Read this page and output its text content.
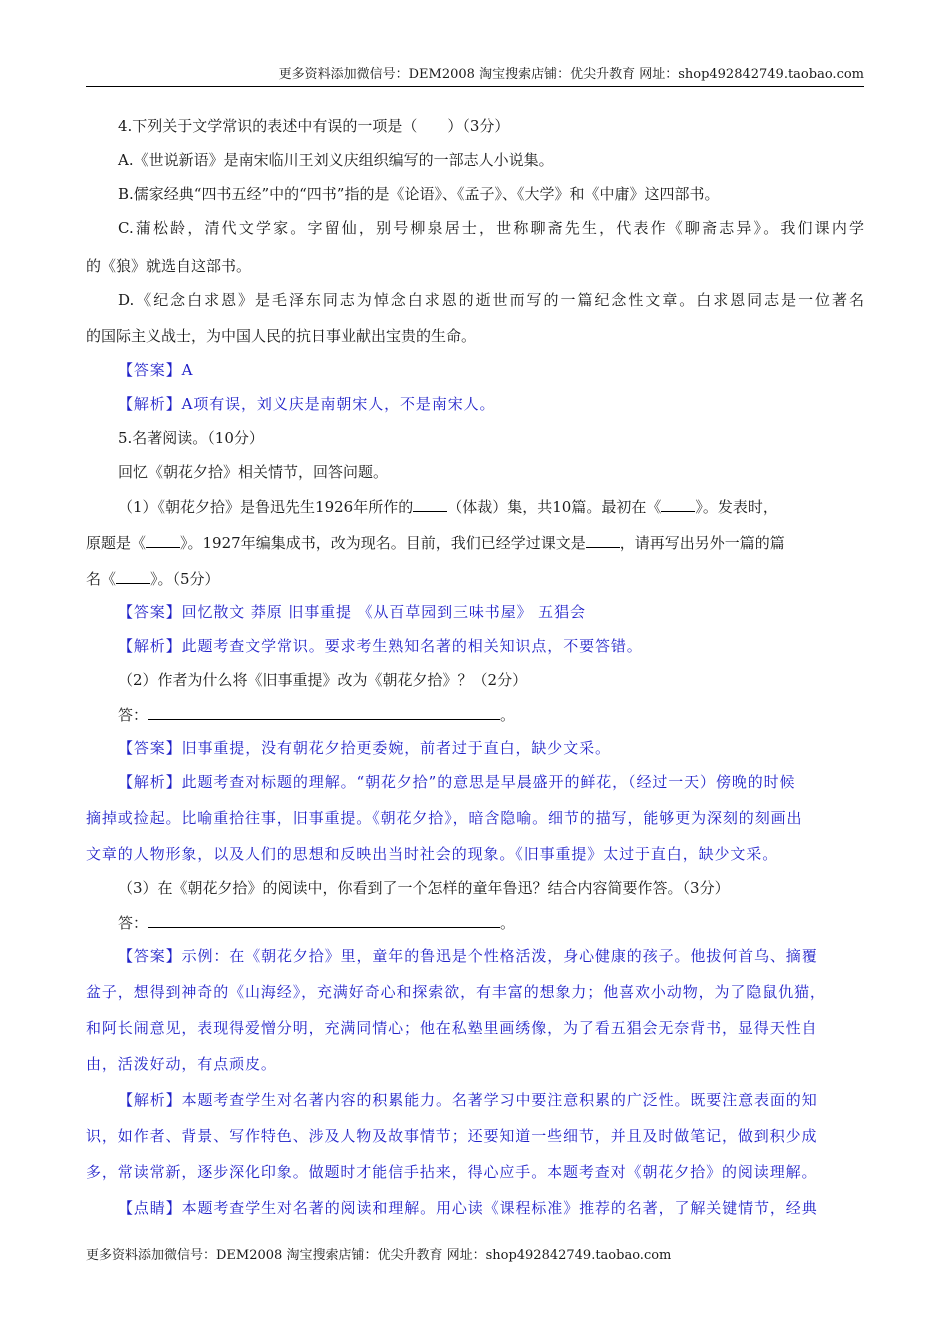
更多资料添加微信号：DEM2008 淘宝搜索店铺：优尖升教育 网址：shop492842749.taobao.com
4.下列关于文学常识的表述中有误的一项是（　　）（3分）
A.《世说新语》是南宋临川王刘义庆组织编写的一部志人小说集。
B.儒家经典“四书五经”中的“四书”指的是《论语》、《孟子》、《大学》和《中庸》这四部书。
C.蒲松龄，清代文学家。字留仙，别号柳泉居士，世称聊斋先生，代表作《聊斋志异》。我们课内学
的《狼》就选自这部书。
D.《纪念白求恩》是毛泽东同志为悼念白求恩的逝世而写的一篇纪念性文章。白求恩同志是一位著名
的国际主义战士，为中国人民的抗日事业献出宝贵的生命。
【答案】A
【解析】A项有误，刘义庆是南朝宋人，不是南宋人。
5.名著阅读。（10分）
回忆《朝花夕拾》相关情节，回答问题。
（1）《朝花夕拾》是鲁迅先生1926年所作的 （体裁）集，共10篇。最初在《 》。发表时，
原题是《 》。1927年编集成书，改为现名。目前，我们已经学过课文是 ，请再写出另外一篇的篇
名《 》。（5分）
【答案】回忆散文 莽原 旧事重提 《从百草园到三味书屋》 五猖会
【解析】此题考查文学常识。要求考生熟知名著的相关知识点，不要答错。
（2）作者为什么将《旧事重提》改为《朝花夕拾》？（2分）
答：	。
【答案】旧事重提，没有朝花夕拾更委婉，前者过于直白，缺少文采。
【解析】此题考查对标题的理解。“朝花夕拾”的意思是早晨盛开的鲜花，（经过一天）傍晚的时候
摘掉或捡起。比喻重拾往事，旧事重提。《朝花夕拾》，暗含隐喻。细节的描写，能够更为深刻的刻画出
文章的人物形象，以及人们的思想和反映出当时社会的现象。《旧事重提》太过于直白，缺少文采。
（3）在《朝花夕拾》的阅读中，你看到了一个怎样的童年鲁迅？结合内容简要作答。（3分）
答：	。
【答案】示例：在《朝花夕拾》里，童年的鲁迅是个性格活泼，身心健康的孩子。他拔何首乌、摘覆
盆子，想得到神奇的《山海经》，充满好奇心和探索欲，有丰富的想象力；他喜欢小动物，为了隐鼠仇猫，
和阿长闹意见，表现得爱憎分明，充满同情心；他在私塾里画绣像，为了看五猖会无奈背书，显得天性自
由，活泼好动，有点顽皮。
【解析】本题考查学生对名著内容的积累能力。名著学习中要注意积累的广泛性。既要注意表面的知
识，如作者、背景、写作特色、涉及人物及故事情节；还要知道一些细节，并且及时做笔记，做到积少成
多，常读常新，逐步深化印象。做题时才能信手拈来，得心应手。本题考查对《朝花夕拾》的阅读理解。
【点睛】本题考查学生对名著的阅读和理解。用心读《课程标准》推荐的名著，了解关键情节，经典
更多资料添加微信号：DEM2008 淘宝搜索店铺：优尖升教育 网址：shop492842749.taobao.com
